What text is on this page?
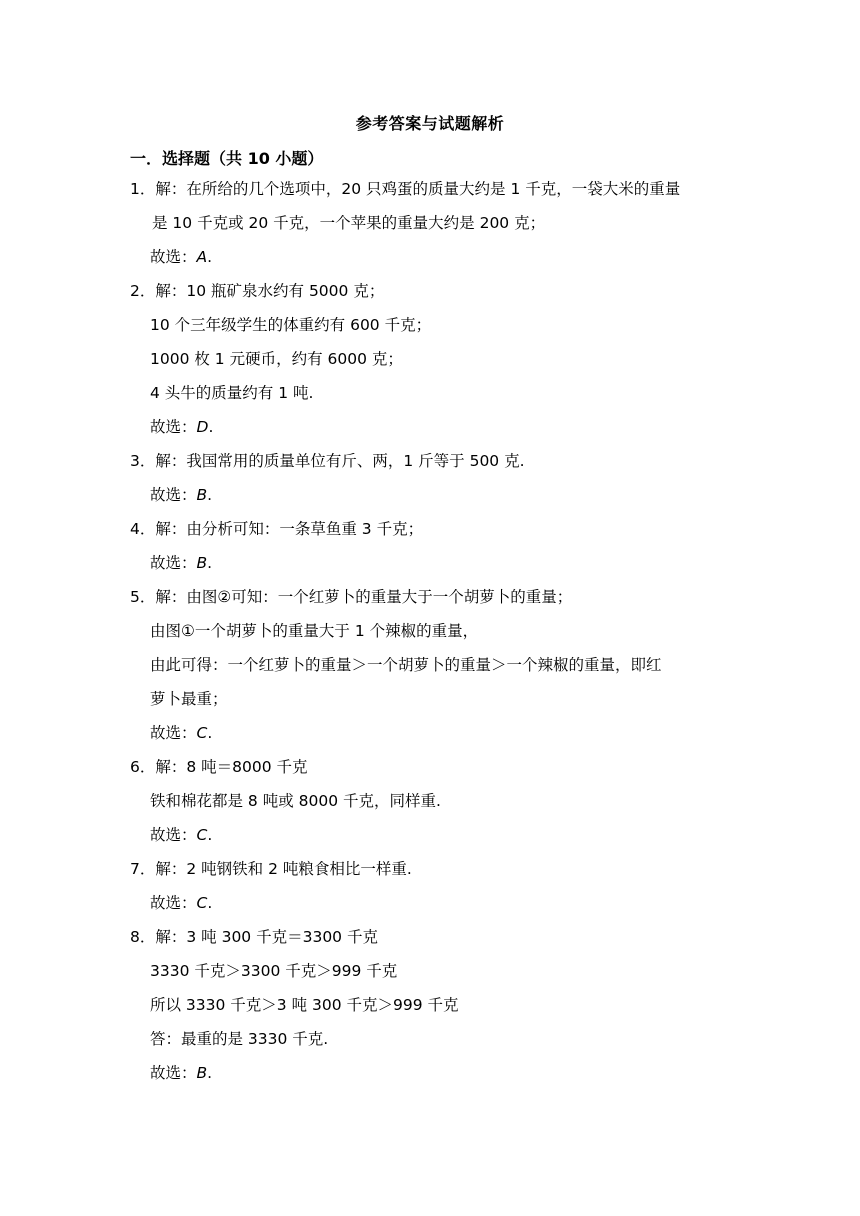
参考答案与试题解析
一．选择题（共 10 小题）
1．解：在所给的几个选项中，20 只鸡蛋的质量大约是 1 千克，一袋大米的重量
是 10 千克或 20 千克，一个苹果的重量大约是 200 克；
故选：A.
2．解：10 瓶矿泉水约有 5000 克；
10 个三年级学生的体重约有 600 千克；
1000 枚 1 元硬币，约有 6000 克；
4 头牛的质量约有 1 吨.
故选：D.
3．解：我国常用的质量单位有斤、两，1 斤等于 500 克.
故选：B.
4．解：由分析可知：一条草鱼重 3 千克；
故选：B.
5．解：由图②可知：一个红萝卜的重量大于一个胡萝卜的重量；
由图①一个胡萝卜的重量大于 1 个辣椒的重量，
由此可得：一个红萝卜的重量＞一个胡萝卜的重量＞一个辣椒的重量，即红
萝卜最重；
故选：C.
6．解：8 吨＝8000 千克
铁和棉花都是 8 吨或 8000 千克，同样重.
故选：C.
7．解：2 吨钢铁和 2 吨粮食相比一样重.
故选：C.
8．解：3 吨 300 千克＝3300 千克
3330 千克＞3300 千克＞999 千克
所以 3330 千克＞3 吨 300 千克＞999 千克
答：最重的是 3330 千克.
故选：B.
